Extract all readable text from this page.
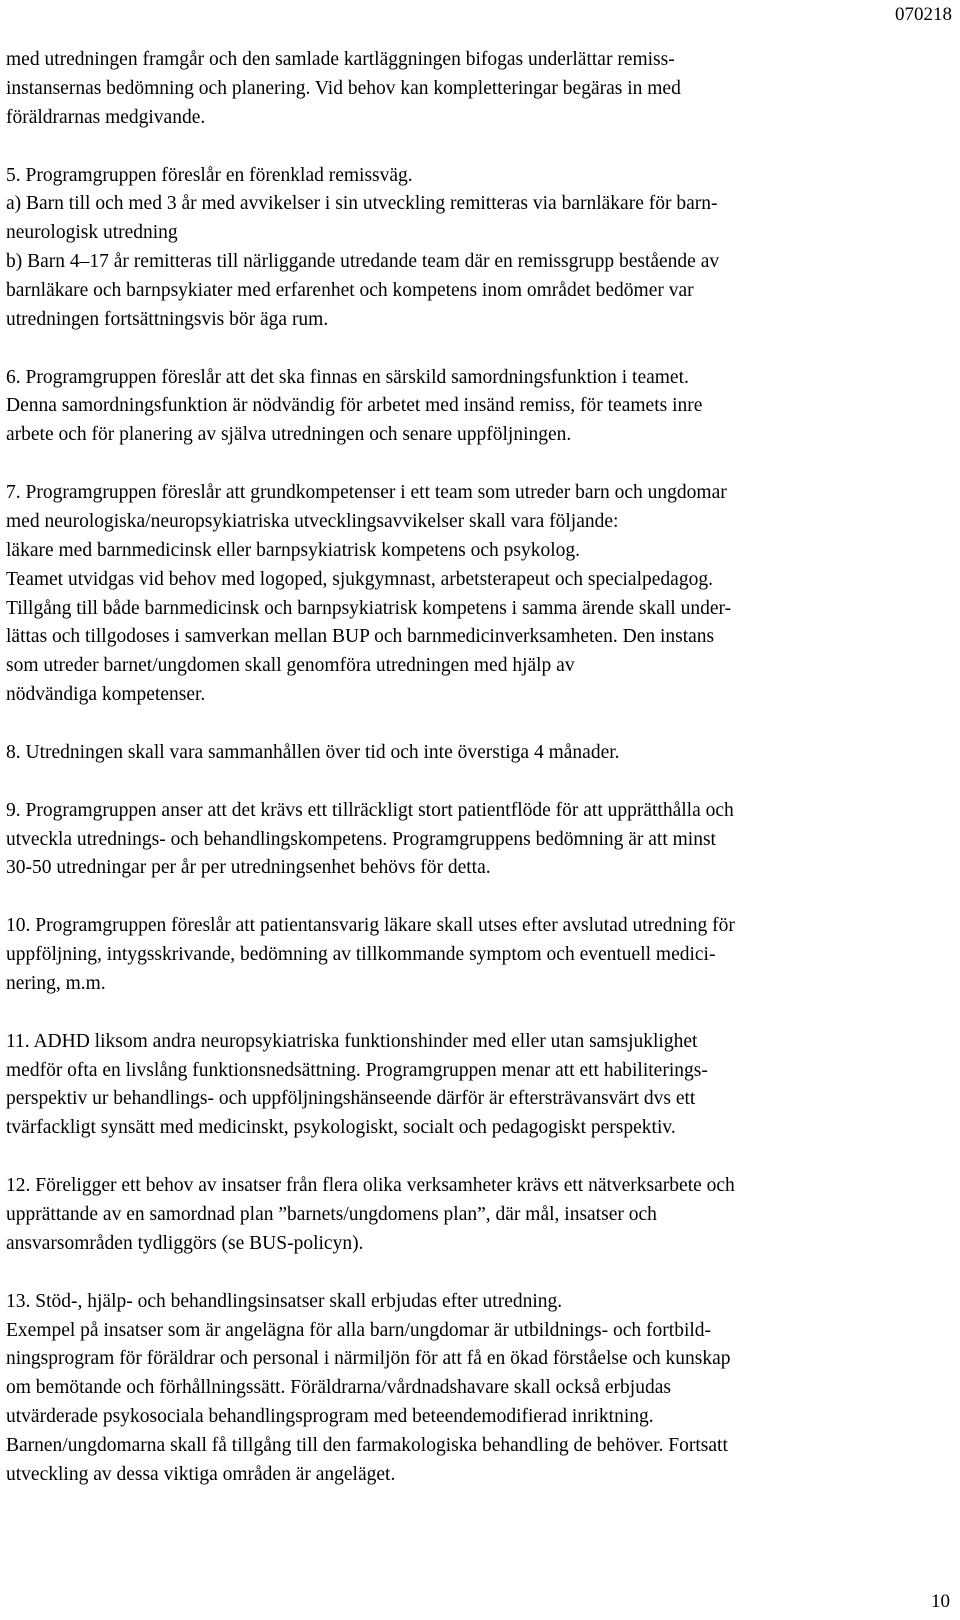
070218
med utredningen framgår och den samlade kartläggningen bifogas underlättar remiss-
instansernas bedömning och planering. Vid behov kan kompletteringar begäras in med
föräldrarnas medgivande.
5. Programgruppen föreslår en förenklad remissväg.
a) Barn till och med 3 år med avvikelser i sin utveckling remitteras via barnläkare för barn-
neurologisk utredning
b) Barn 4–17 år remitteras till närliggande utredande team där en remissgrupp bestående av
barnläkare och barnpsykiater med erfarenhet och kompetens inom området bedömer var
utredningen fortsättningsvis bör äga rum.
6. Programgruppen föreslår att det ska finnas en särskild samordningsfunktion i teamet.
Denna samordningsfunktion är nödvändig för arbetet med insänd remiss, för teamets inre
arbete och för planering av själva utredningen och senare uppföljningen.
7. Programgruppen föreslår att grundkompetenser i ett team som utreder barn och ungdomar
med neurologiska/neuropsykiatriska utvecklingsavvikelser skall vara följande:
läkare med barnmedicinsk eller barnpsykiatrisk kompetens och psykolog.
Teamet utvidgas vid behov med logoped, sjukgymnast, arbetsterapeut och specialpedagog.
Tillgång till både barnmedicinsk och barnpsykiatrisk kompetens i samma ärende skall under-
lättas och tillgodoses i samverkan mellan BUP och barnmedicinverksamheten. Den instans
som utreder barnet/ungdomen skall genomföra utredningen med hjälp av
nödvändiga kompetenser.
8. Utredningen skall vara sammanhållen över tid och inte överstiga 4 månader.
9. Programgruppen anser att det krävs ett tillräckligt stort patientflöde för att upprätthålla och
utveckla utrednings- och behandlingskompetens. Programgruppens bedömning är att minst
30-50 utredningar per år per utredningsenhet behövs för detta.
10. Programgruppen föreslår att patientansvarig läkare skall utses efter avslutad utredning för
uppföljning, intygsskrivande, bedömning av tillkommande symptom och eventuell medici-
nering, m.m.
11. ADHD liksom andra neuropsykiatriska funktionshinder med eller utan samsjuklighet
medför ofta en livslång funktionsnedsättning. Programgruppen menar att ett habiliterings-
perspektiv ur behandlings- och uppföljningshänseende därför är eftersträvansvärt dvs ett
tvärfackligt synsätt med medicinskt, psykologiskt, socialt och pedagogiskt perspektiv.
12. Föreligger ett behov av insatser från flera olika verksamheter krävs ett nätverksarbete och
upprättande av en samordnad plan ”barnets/ungdomens plan”, där mål, insatser och
ansvarsområden tydliggörs (se BUS-policyn).
13. Stöd-, hjälp- och behandlingsinsatser skall erbjudas efter utredning.
Exempel på insatser som är angelägna för alla barn/ungdomar är utbildnings- och fortbild-
ningsprogram för föräldrar och personal i närmiljön för att få en ökad förståelse och kunskap
om bemötande och förhållningssätt. Föräldrarna/vårdnadshavare skall också erbjudas
utvärderade psykosociala behandlingsprogram med beteendemodifierad inriktning.
Barnen/ungdomarna skall få tillgång till den farmakologiska behandling de behöver. Fortsatt
utveckling av dessa viktiga områden är angeläget.
10
